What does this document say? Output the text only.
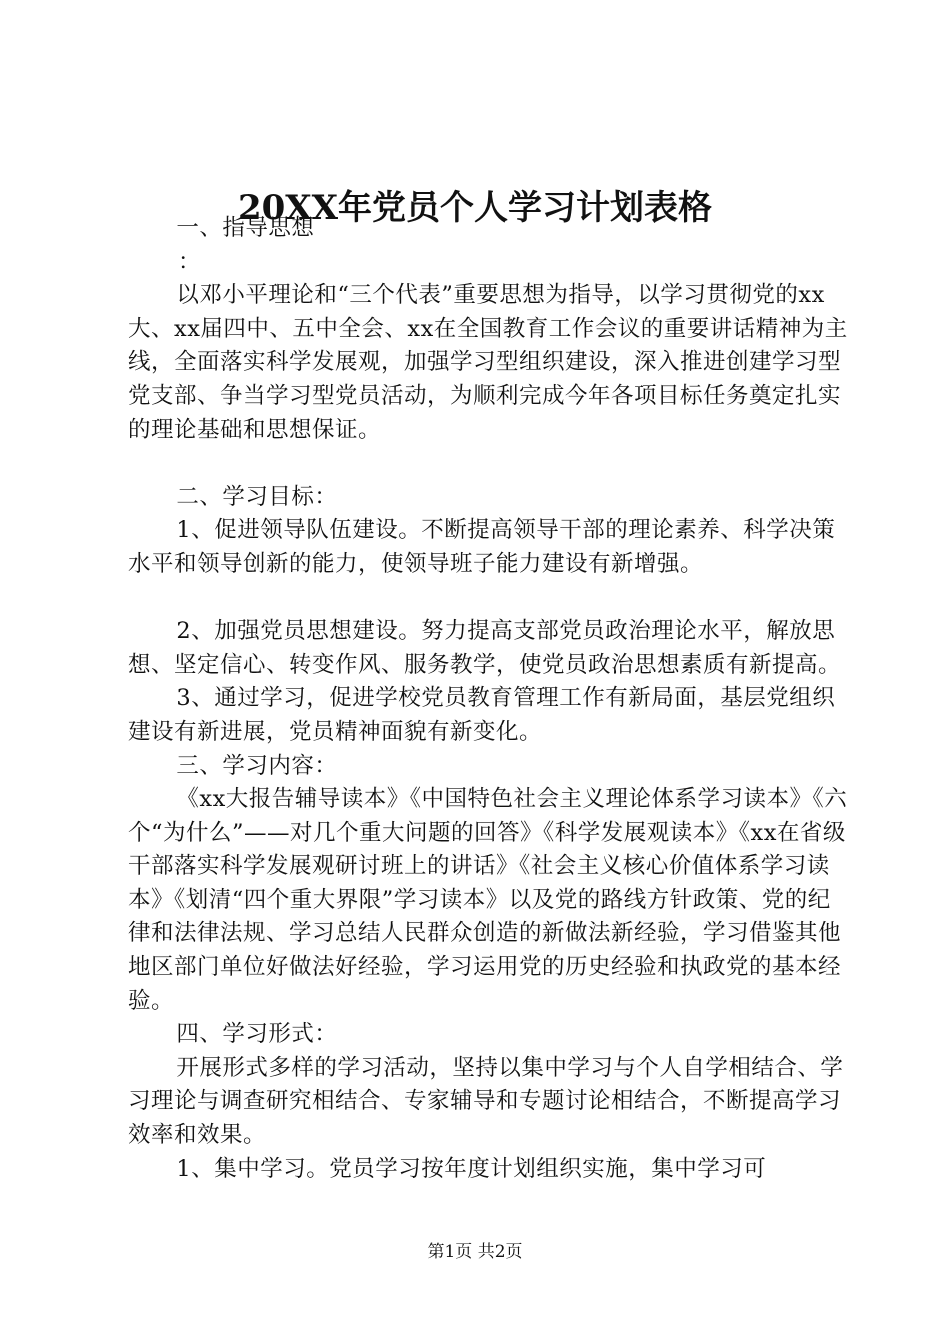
20XX年党员个人学习计划表格

一、指导思想

：

以邓小平理论和“三个代表”重要思想为指导，以学习贯彻党的xx大、xx届四中、五中全会、xx在全国教育工作会议的重要讲话精神为主线，全面落实科学发展观，加强学习型组织建设，深入推进创建学习型党支部、争当学习型党员活动，为顺利完成今年各项目标任务奠定扎实的理论基础和思想保证。

二、学习目标：

1、促进领导队伍建设。不断提高领导干部的理论素养、科学决策水平和领导创新的能力，使领导班子能力建设有新增强。

2、加强党员思想建设。努力提高支部党员政治理论水平，解放思想、坚定信心、转变作风、服务教学，使党员政治思想素质有新提高。

3、通过学习，促进学校党员教育管理工作有新局面，基层党组织建设有新进展，党员精神面貌有新变化。

三、学习内容：

《xx大报告辅导读本》《中国特色社会主义理论体系学习读本》《六个“为什么”——对几个重大问题的回答》《科学发展观读本》《xx在省级干部落实科学发展观研讨班上的讲话》《社会主义核心价值体系学习读本》《划清“四个重大界限”学习读本》以及党的路线方针政策、党的纪律和法律法规、学习总结人民群众创造的新做法新经验，学习借鉴其他地区部门单位好做法好经验，学习运用党的历史经验和执政党的基本经验。

四、学习形式：

开展形式多样的学习活动，坚持以集中学习与个人自学相结合、学习理论与调查研究相结合、专家辅导和专题讨论相结合，不断提高学习效率和效果。

1、集中学习。党员学习按年度计划组织实施，集中学习可

第1页 共2页
